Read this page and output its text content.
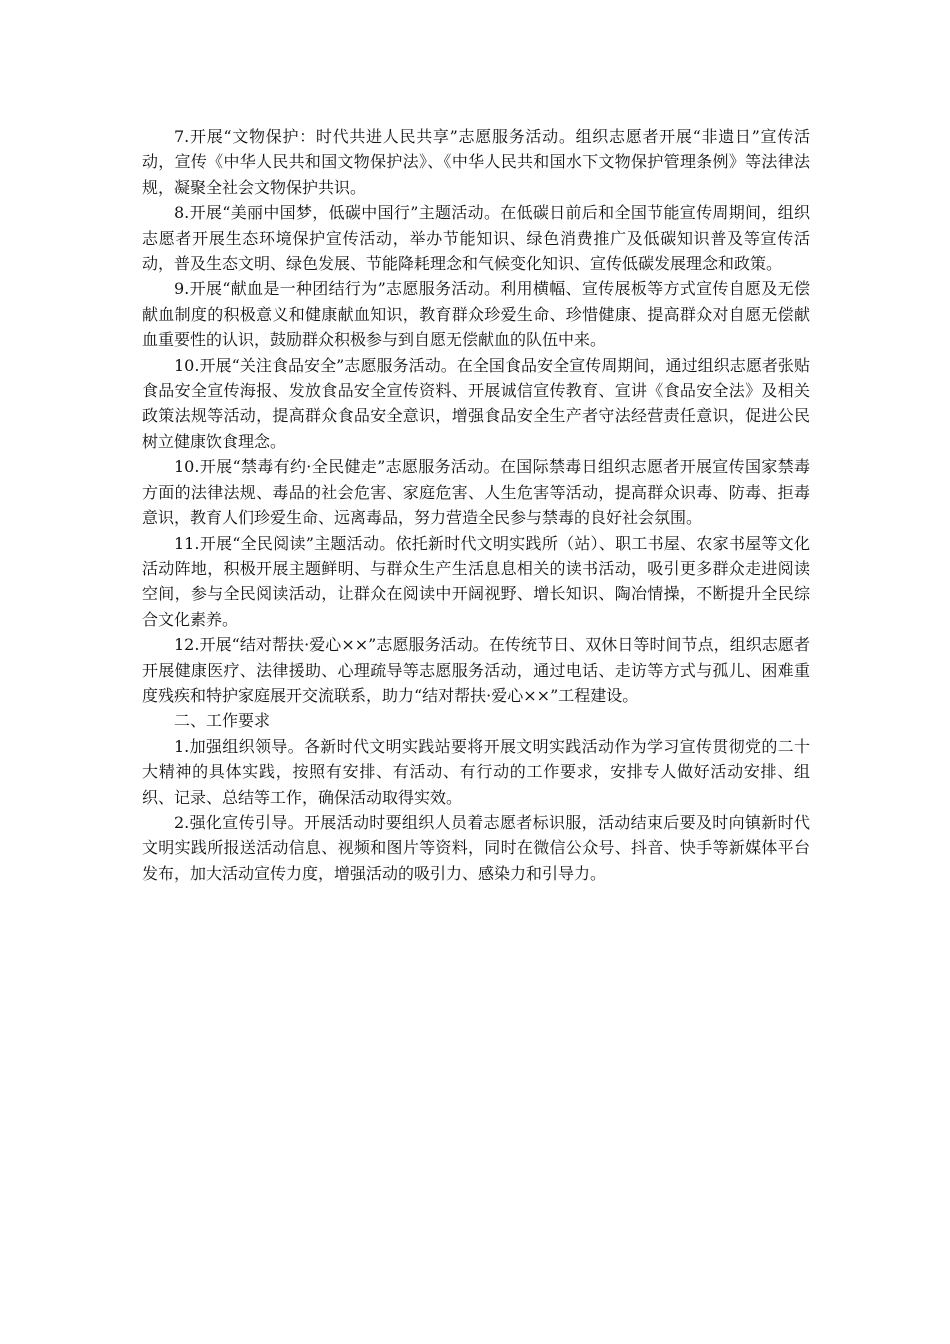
7.开展“文物保护：时代共进人民共享”志愿服务活动。组织志愿者开展“非遗日”宣传活动，宣传《中华人民共和国文物保护法》、《中华人民共和国水下文物保护管理条例》等法律法规，凝聚全社会文物保护共识。

8.开展“美丽中国梦，低碳中国行”主题活动。在低碳日前后和全国节能宣传周期间，组织志愿者开展生态环境保护宣传活动，举办节能知识、绿色消费推广及低碳知识普及等宣传活动，普及生态文明、绿色发展、节能降耗理念和气候变化知识、宣传低碳发展理念和政策。

9.开展“献血是一种团结行为”志愿服务活动。利用横幅、宣传展板等方式宣传自愿及无偿献血制度的积极意义和健康献血知识，教育群众珍爱生命、珍惜健康、提高群众对自愿无偿献血重要性的认识，鼓励群众积极参与到自愿无偿献血的队伍中来。

10.开展“关注食品安全”志愿服务活动。在全国食品安全宣传周期间，通过组织志愿者张贴食品安全宣传海报、发放食品安全宣传资料、开展诚信宣传教育、宣讲《食品安全法》及相关政策法规等活动，提高群众食品安全意识，增强食品安全生产者守法经营责任意识，促进公民树立健康饮食理念。

10.开展“禁毒有约·全民健走”志愿服务活动。在国际禁毒日组织志愿者开展宣传国家禁毒方面的法律法规、毒品的社会危害、家庭危害、人生危害等活动，提高群众识毒、防毒、拒毒意识，教育人们珍爱生命、远离毒品，努力营造全民参与禁毒的良好社会氛围。

11.开展“全民阅读”主题活动。依托新时代文明实践所（站）、职工书屋、农家书屋等文化活动阵地，积极开展主题鲜明、与群众生产生活息息相关的读书活动，吸引更多群众走进阅读空间，参与全民阅读活动，让群众在阅读中开阔视野、增长知识、陶冶情操，不断提升全民综合文化素养。

12.开展“结对帮扶·爱心××”志愿服务活动。在传统节日、双休日等时间节点，组织志愿者开展健康医疗、法律援助、心理疏导等志愿服务活动，通过电话、走访等方式与孤儿、困难重度残疾和特护家庭展开交流联系，助力“结对帮扶·爱心××”工程建设。

二、工作要求

1.加强组织领导。各新时代文明实践站要将开展文明实践活动作为学习宣传贯彻党的二十大精神的具体实践，按照有安排、有活动、有行动的工作要求，安排专人做好活动安排、组织、记录、总结等工作，确保活动取得实效。

2.强化宣传引导。开展活动时要组织人员着志愿者标识服，活动结束后要及时向镇新时代文明实践所报送活动信息、视频和图片等资料，同时在微信公众号、抖音、快手等新媒体平台发布，加大活动宣传力度，增强活动的吸引力、感染力和引导力。
